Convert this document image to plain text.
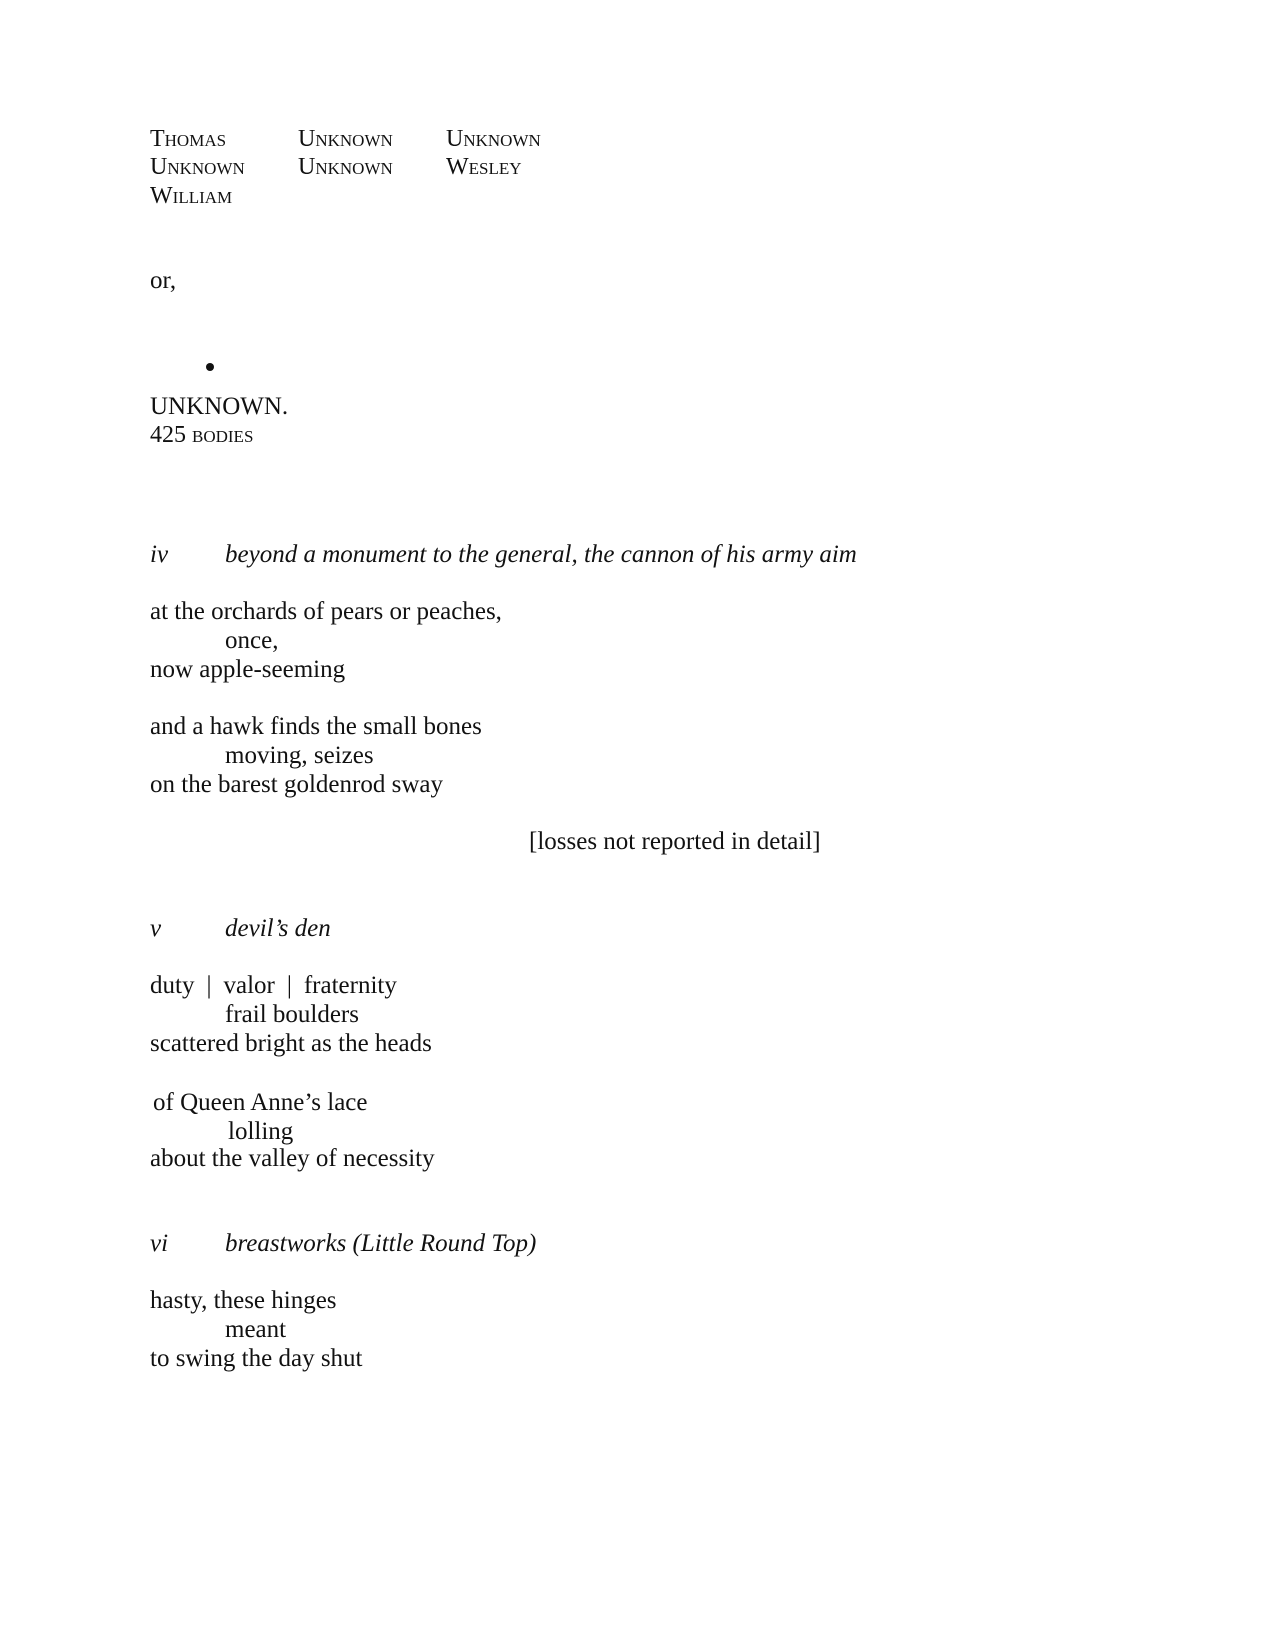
Thomas	Unknown Unknown
Unknown Unknown Wesley
William
or,
UNKNOWN.
425 bodies
iv beyond a monument to the general, the cannon of his army aim
at the orchards of pears or peaches,
once,
now apple-seeming
and a hawk finds the small bones
moving, seizes
on the barest goldenrod sway
[losses not reported in detail]
v	devil’s den
duty | valor | fraternity
frail boulders
scattered bright as the heads
of Queen Anne’s lace
lolling
about the valley of necessity
vi breastworks (Little Round Top)
hasty, these hinges
meant
to swing the day shut
